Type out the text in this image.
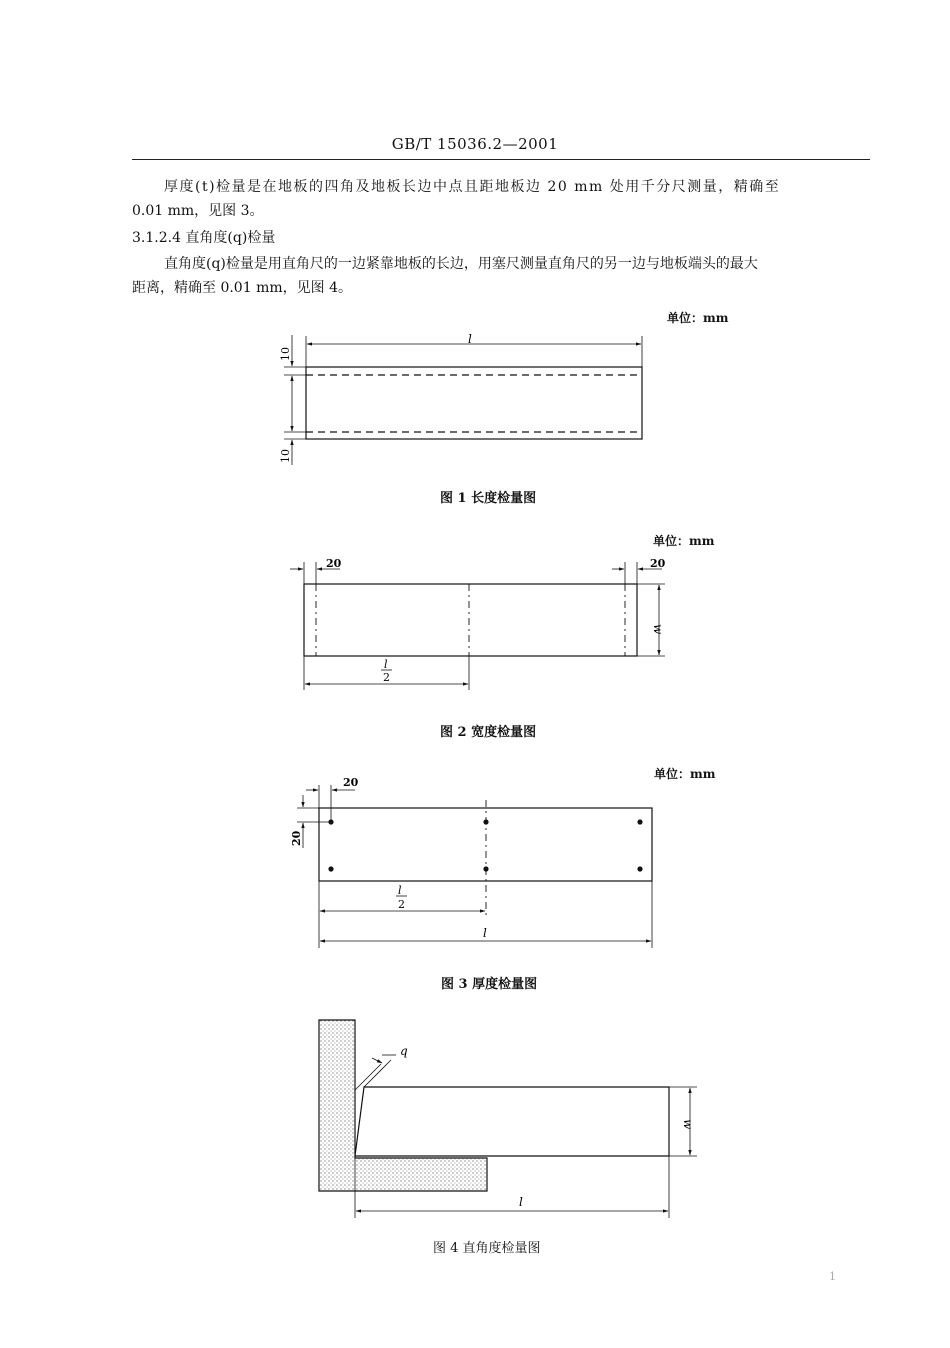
GB/T 15036.2—2001
厚度(t)检量是在地板的四角及地板长边中点且距地板边 20 mm 处用千分尺测量，精确至
0.01 mm，见图 3。
3.1.2.4 直角度(q)检量
直角度(q)检量是用直角尺的一边紧靠地板的长边，用塞尺测量直角尺的另一边与地板端头的最大
距离，精确至 0.01 mm，见图 4。
单位：mm
单位：mm
单位：mm
l
10
10
20	20
w
l
2
20
20
l
2
l
q
w
l
图 1 长度检量图
图 2 宽度检量图
图 3 厚度检量图
图 4 直角度检量图
1
